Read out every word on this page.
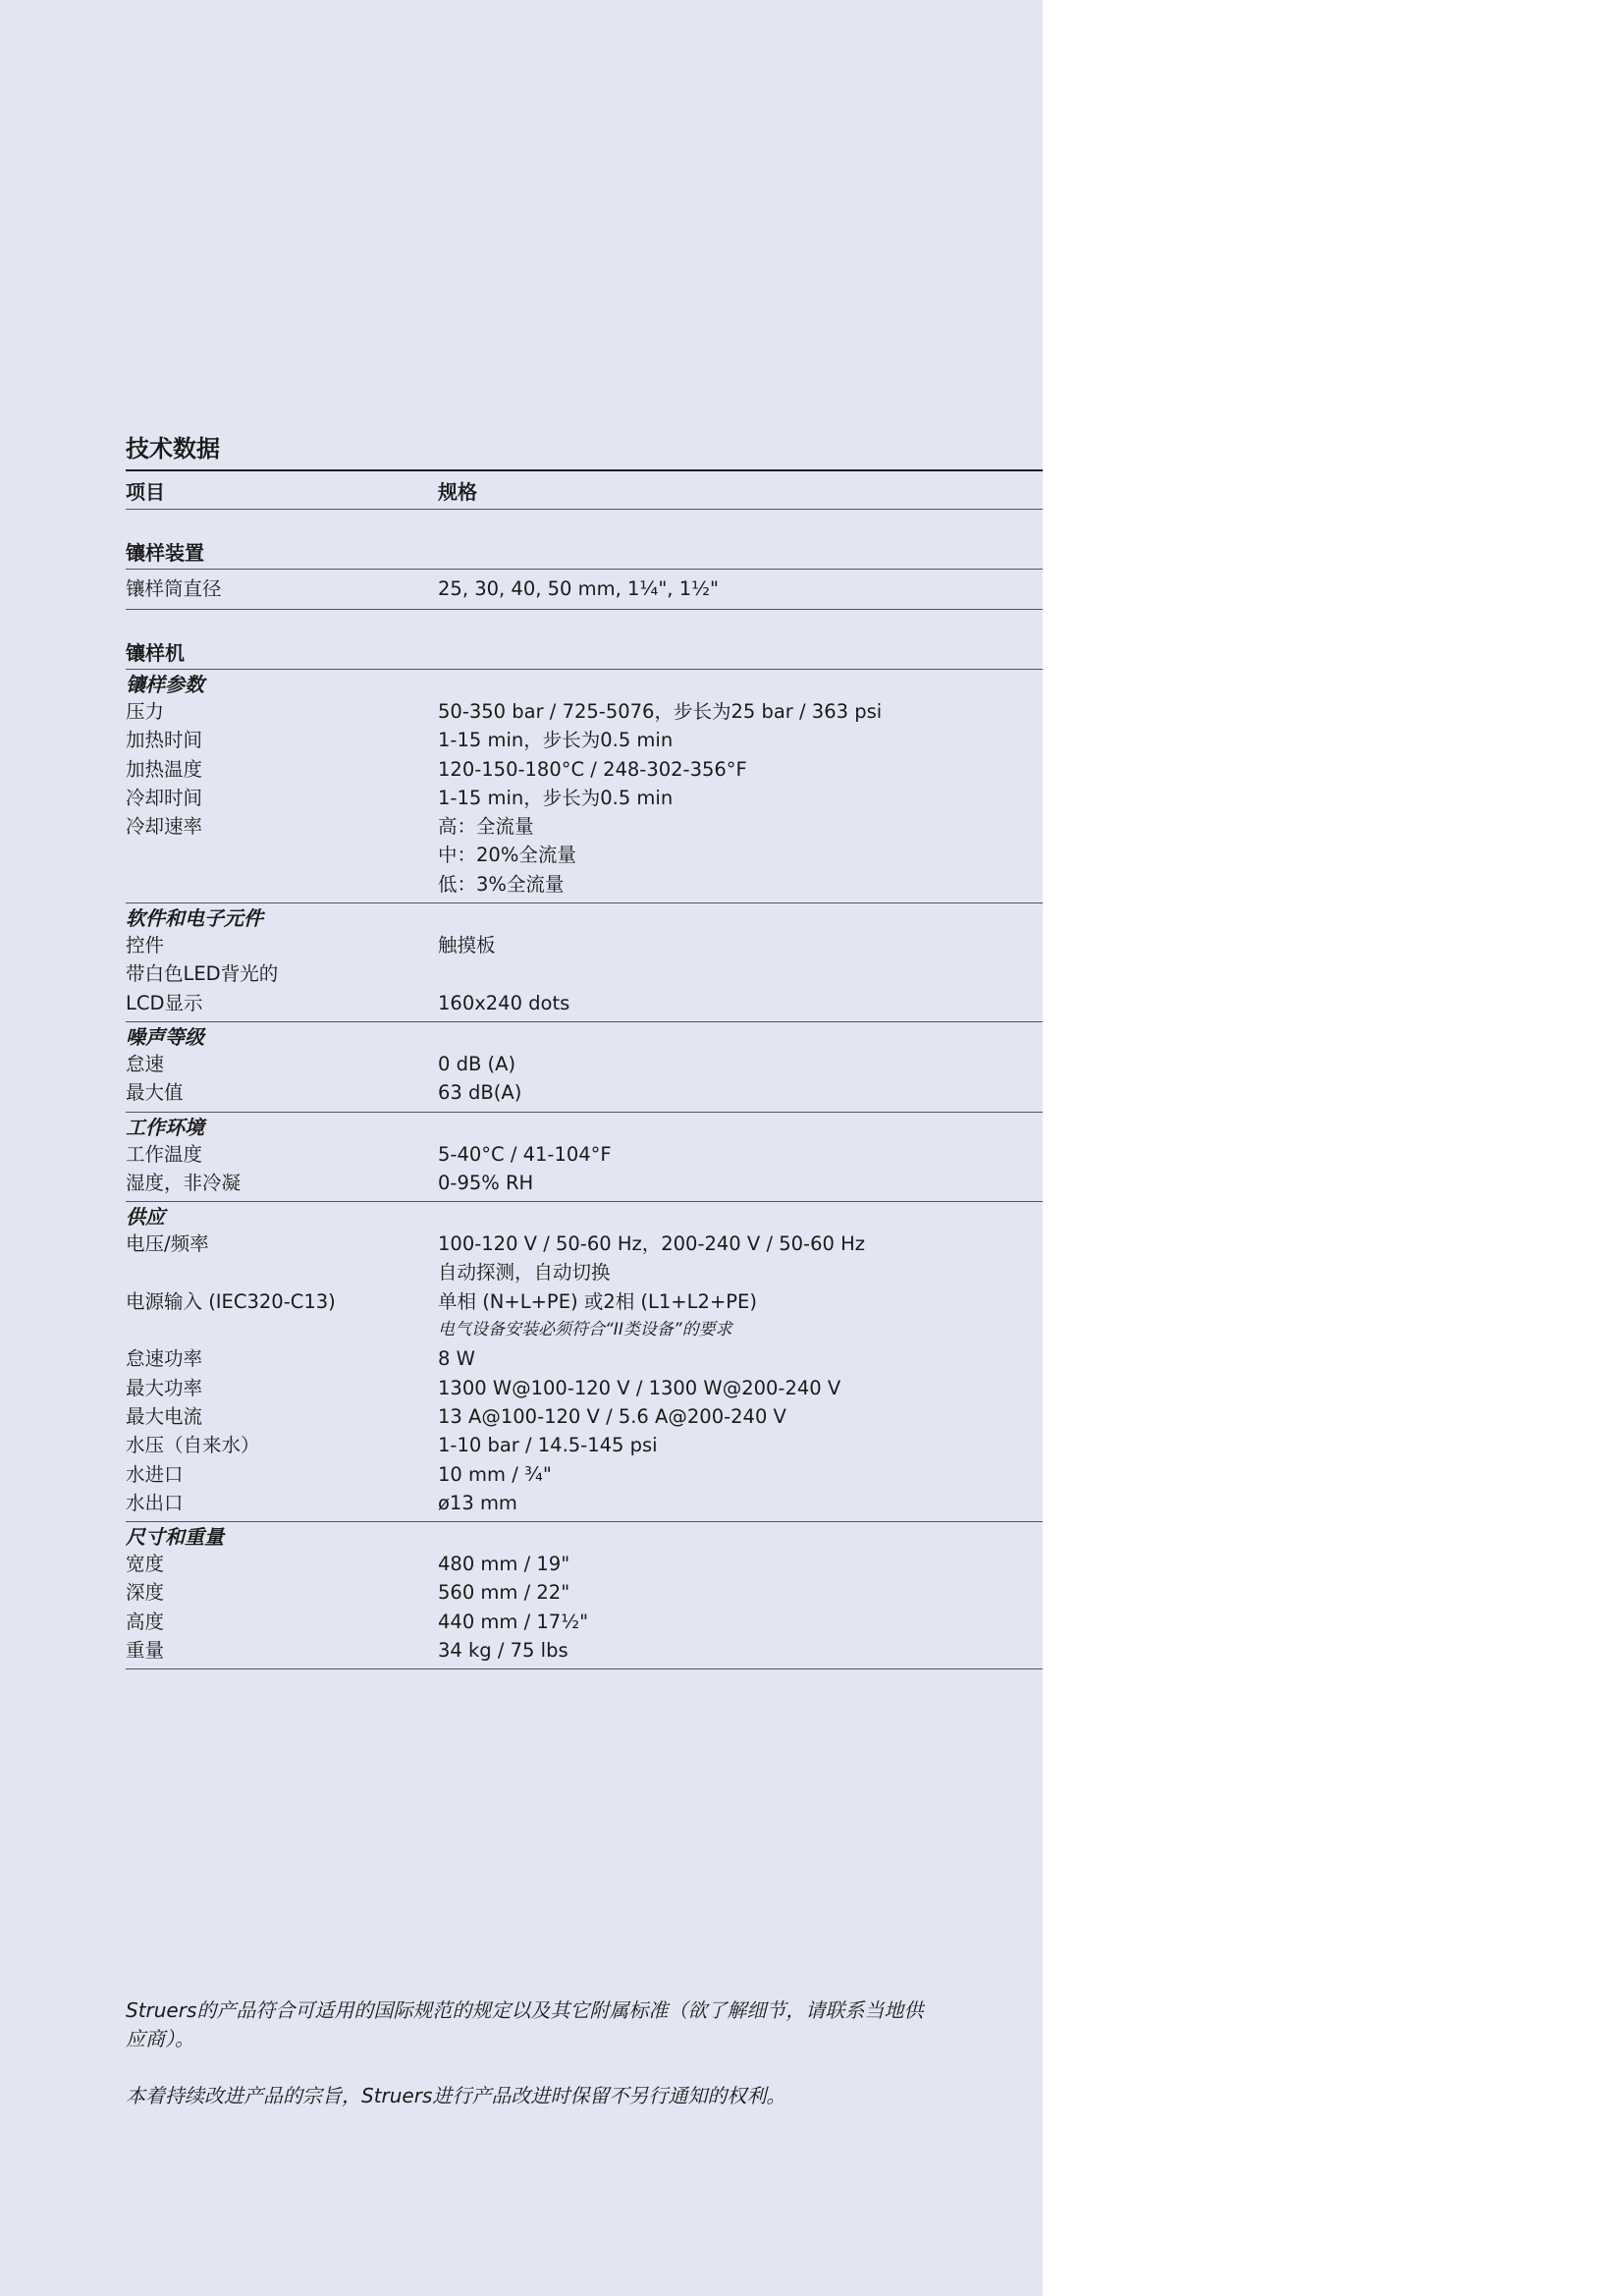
技术数据
项目	规格
镶样装置
镶样筒直径	25, 30, 40, 50 mm, 1¼", 1½"
镶样机
镶样参数
压力	50-350 bar / 725-5076，步长为25 bar / 363 psi
加热时间	1-15 min，步长为0.5 min
加热温度	120-150-180°C / 248-302-356°F
冷却时间	1-15 min，步长为0.5 min
冷却速率	高：全流量
中：20%全流量
低：3%全流量
软件和电子元件
控件	触摸板
带白色LED背光的
LCD显示	160x240 dots
噪声等级
怠速	0 dB (A)
最大值	63 dB(A)
工作环境
工作温度	5-40°C / 41-104°F
湿度，非冷凝	0-95% RH
供应
电压/频率	100-120 V / 50-60 Hz，200-240 V / 50-60 Hz
自动探测，自动切换
电源输入 (IEC320-C13)	单相 (N+L+PE) 或2相 (L1+L2+PE)
电气设备安装必须符合“II类设备”的要求
怠速功率	8 W
最大功率	1300 W@100-120 V / 1300 W@200-240 V
最大电流	13 A@100-120 V / 5.6 A@200-240 V
水压（自来水）	1-10 bar / 14.5-145 psi
水进口	10 mm / ¾"
水出口	ø13 mm
尺寸和重量
宽度	480 mm / 19"
深度	560 mm / 22"
高度	440 mm / 17½"
重量	34 kg / 75 lbs

Struers的产品符合可适用的国际规范的规定以及其它附属标准（欲了解细节，请联系当地供应商）。

本着持续改进产品的宗旨，Struers进行产品改进时保留不另行通知的权利。
